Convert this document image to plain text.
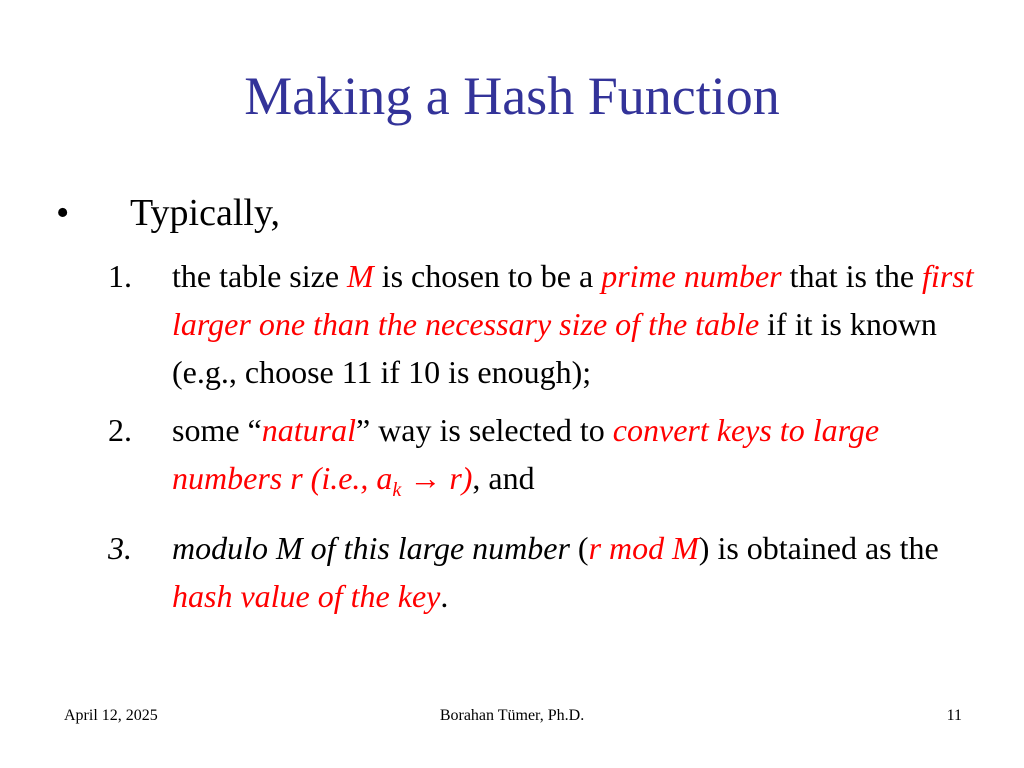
Making a Hash Function
• Typically,
1. the table size M is chosen to be a prime number that is the first larger one than the necessary size of the table if it is known (e.g., choose 11 if 10 is enough);
2. some “natural” way is selected to convert keys to large numbers r (i.e., $a_k \to r$), and
3. modulo M of this large number (r mod M) is obtained as the hash value of the key.
April 12, 2025	Borahan Tümer, Ph.D.	11
